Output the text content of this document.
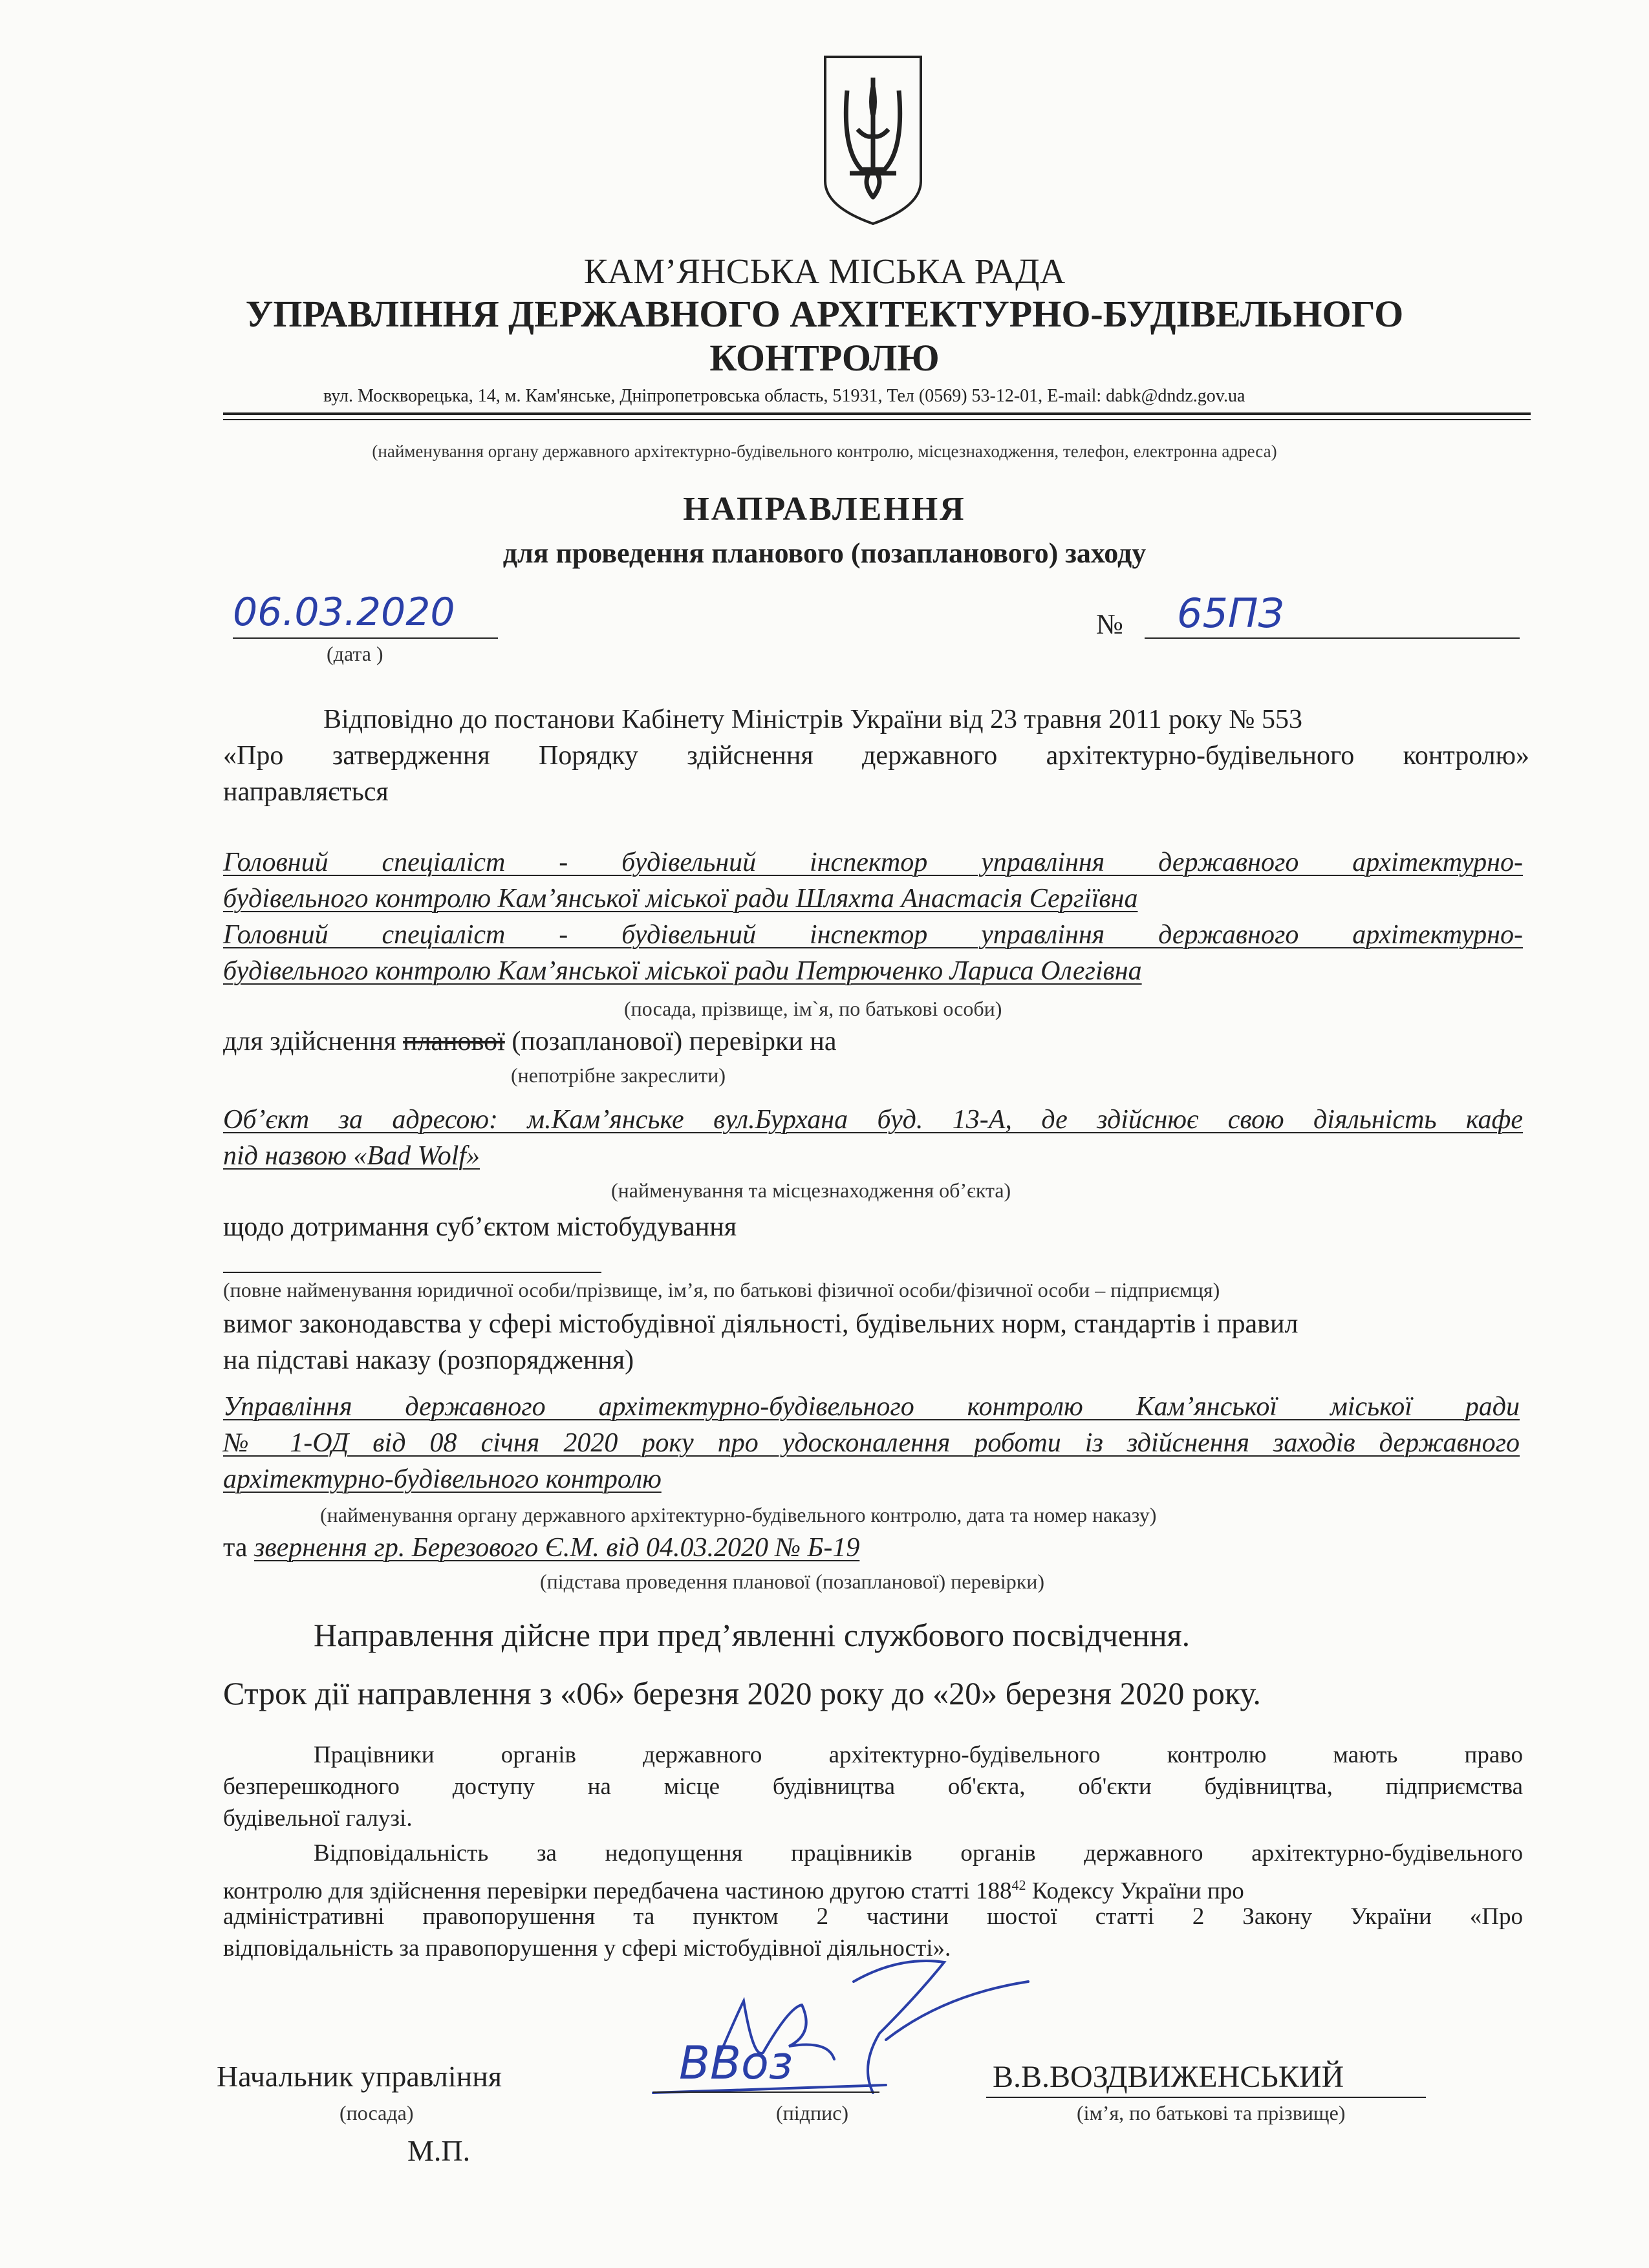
КАМ’ЯНСЬКА МІСЬКА РАДА
УПРАВЛІННЯ ДЕРЖАВНОГО АРХІТЕКТУРНО-БУДІВЕЛЬНОГО
КОНТРОЛЮ
вул. Москворецька, 14, м. Кам'янське, Дніпропетровська область, 51931, Тел (0569) 53-12-01, E-mail: dabk@dndz.gov.ua
(найменування органу державного архітектурно-будівельного контролю, місцезнаходження, телефон, електронна адреса)
НАПРАВЛЕННЯ
для проведення планового (позапланового) заходу
06.03.2020
(дата )
№ 65ПЗ
Відповідно до постанови Кабінету Міністрів України від 23 травня 2011 року № 553
«Про затвердження Порядку здійснення державного архітектурно-будівельного контролю»
направляється
Головний спеціаліст - будівельний інспектор управління державного архітектурно-
будівельного контролю Кам’янської міської ради Шляхта Анастасія Сергіївна
Головний спеціаліст - будівельний інспектор управління державного архітектурно-
будівельного контролю Кам’янської міської ради Петрюченко Лариса Олегівна
(посада, прізвище, ім`я, по батькові особи)
для здійснення планової (позапланової) перевірки на
(непотрібне закреслити)
Об’єкт за адресою: м.Кам’янське вул.Бурхана буд. 13-А, де здійснює свою діяльність кафе
під назвою «Bad Wolf»
(найменування та місцезнаходження об’єкта)
щодо дотримання суб’єктом містобудування
(повне найменування юридичної особи/прізвище, ім’я, по батькові фізичної особи/фізичної особи – підприємця)
вимог законодавства у сфері містобудівної діяльності, будівельних норм, стандартів і правил
на підставі наказу (розпорядження)
Управління державного архітектурно-будівельного контролю Кам’янської міської ради
№ 1-ОД від 08 січня 2020 року про удосконалення роботи із здійснення заходів державного
архітектурно-будівельного контролю
(найменування органу державного архітектурно-будівельного контролю, дата та номер наказу)
та звернення гр. Березового Є.М. від 04.03.2020 № Б-19
(підстава проведення планової (позапланової) перевірки)
Направлення дійсне при пред’явленні службового посвідчення.
Строк дії направлення з «06» березня 2020 року до «20» березня 2020 року.
Працівники органів державного архітектурно-будівельного контролю мають право
безперешкодного доступу на місце будівництва об'єкта, об'єкти будівництва, підприємства
будівельної галузі.
Відповідальність за недопущення працівників органів державного архітектурно-будівельного
контролю для здійснення перевірки передбачена частиною другою статті $188^{42}$ Кодексу України про
адміністративні правопорушення та пунктом 2 частини шостої статті 2 Закону України «Про
відповідальність за правопорушення у сфері містобудівної діяльності».
Начальник управління
(посада)
М.П.
ВВоз
(підпис)
В.В.ВОЗДВИЖЕНСЬКИЙ
(ім’я, по батькові та прізвище)
